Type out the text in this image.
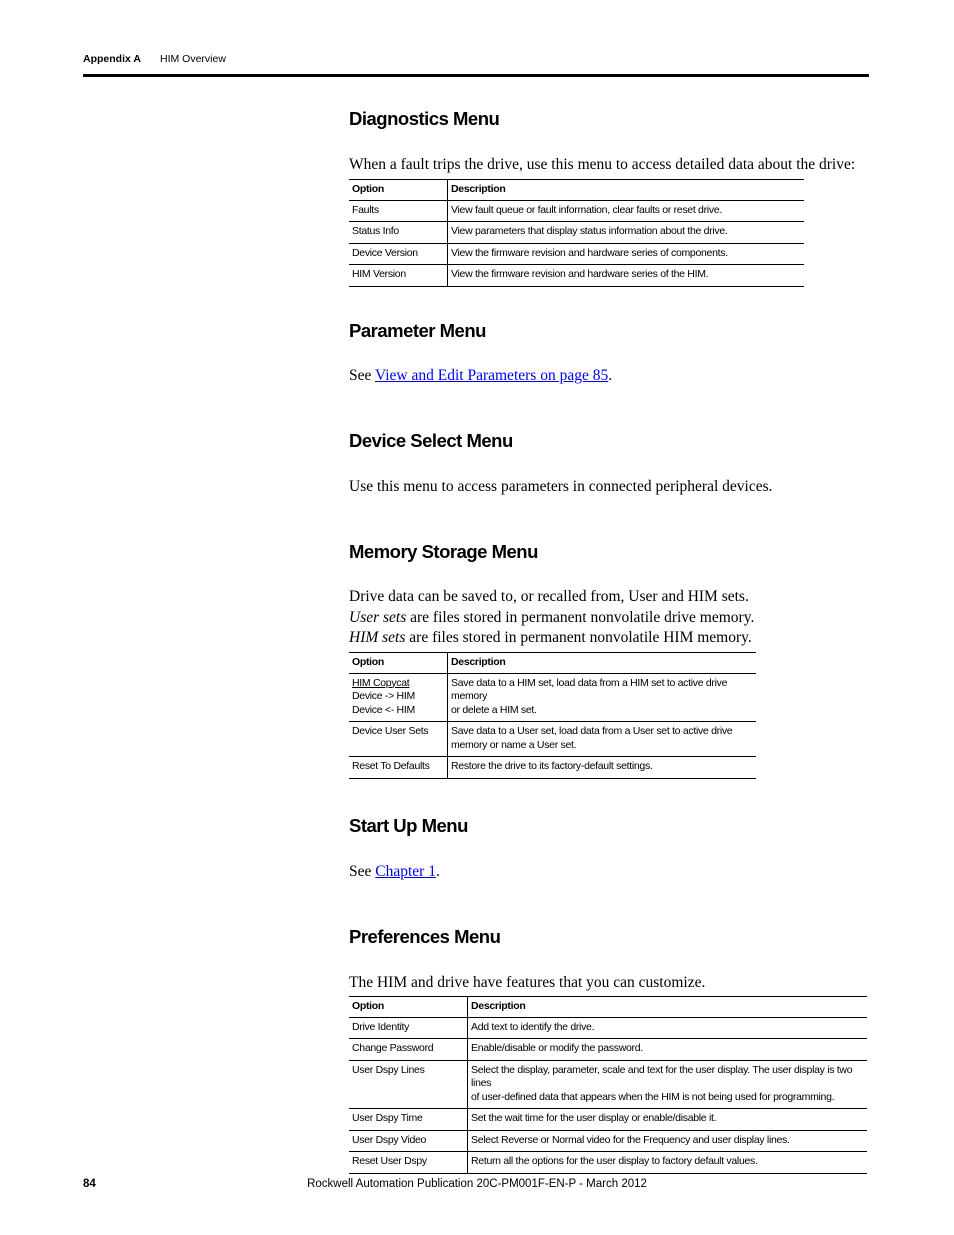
Appendix A HIM Overview
Diagnostics Menu

When a fault trips the drive, use this menu to access detailed data about the drive:

Option	Description
Faults	View fault queue or fault information, clear faults or reset drive.
Status Info	View parameters that display status information about the drive.
Device Version	View the firmware revision and hardware series of components.
HIM Version	View the firmware revision and hardware series of the HIM.
Parameter Menu

See View and Edit Parameters on page 85.

Device Select Menu

Use this menu to access parameters in connected peripheral devices.

Memory Storage Menu

Drive data can be saved to, or recalled from, User and HIM sets.
User sets are files stored in permanent nonvolatile drive memory.
HIM sets are files stored in permanent nonvolatile HIM memory.

Option	Description

HIM Copycat
Device -> HIM
Device <- HIM	Save data to a HIM set, load data from a HIM set to active drive memory
or delete a HIM set.

Device User Sets	Save data to a User set, load data from a User set to active drive
memory or name a User set.

Reset To Defaults	Restore the drive to its factory-default settings.
Start Up Menu

See Chapter 1.

Preferences Menu

The HIM and drive have features that you can customize.

Option	Description
Drive Identity	Add text to identify the drive.

Change Password	Enable/disable or modify the password.

User Dspy Lines	Select the display, parameter, scale and text for the user display. The user display is two lines
of user-defined data that appears when the HIM is not being used for programming.

User Dspy Time	Set the wait time for the user display or enable/disable it.

User Dspy Video	Select Reverse or Normal video for the Frequency and user display lines.

Reset User Dspy	Return all the options for the user display to factory default values.
84	Rockwell Automation Publication 20C-PM001F-EN-P - March 2012
